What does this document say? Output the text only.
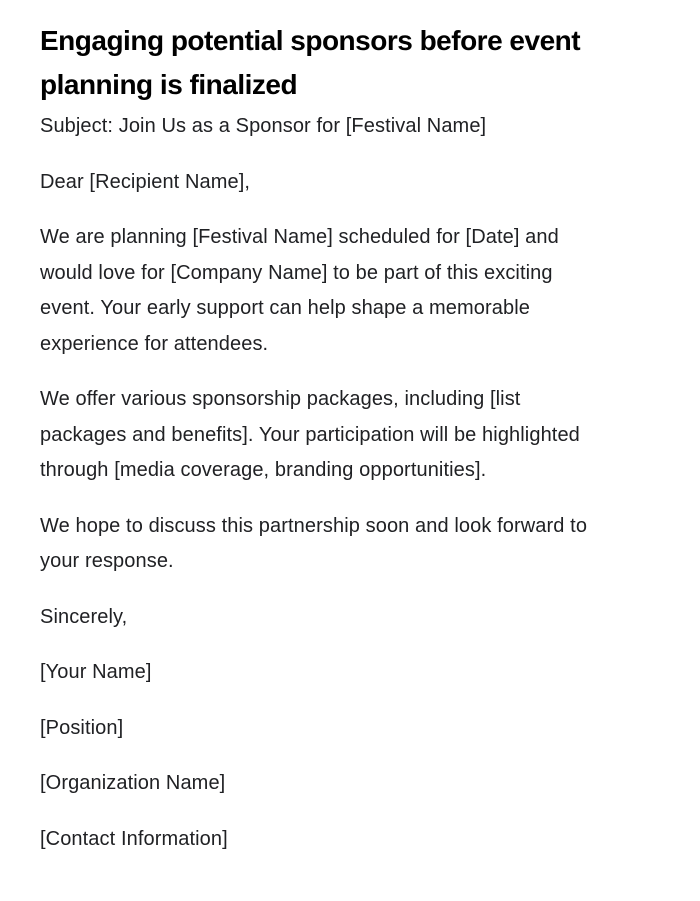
Engaging potential sponsors before event planning is finalized

Subject: Join Us as a Sponsor for [Festival Name]

Dear [Recipient Name],

We are planning [Festival Name] scheduled for [Date] and would love for [Company Name] to be part of this exciting event. Your early support can help shape a memorable experience for attendees.

We offer various sponsorship packages, including [list packages and benefits]. Your participation will be highlighted through [media coverage, branding opportunities].

We hope to discuss this partnership soon and look forward to your response.

Sincerely,

[Your Name]

[Position]

[Organization Name]

[Contact Information]
